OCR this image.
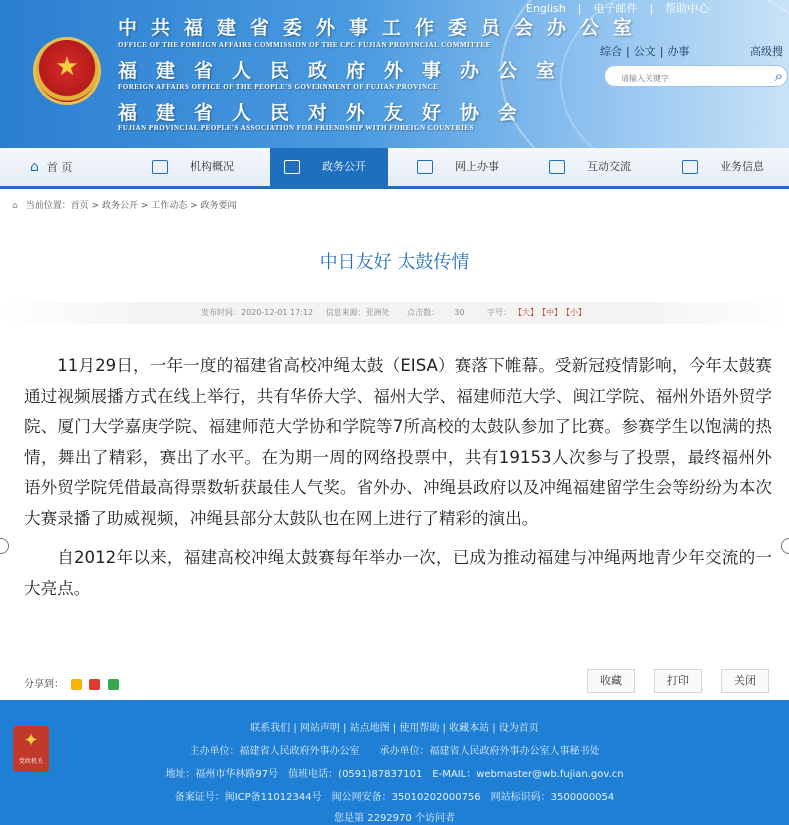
★
中共福建省委外事工作委员会办公室
OFFICE OF THE FOREIGN AFFAIRS COMMISSION OF THE CPC FUJIAN PROVINCIAL COMMITTEE
福建省人民政府外事办公室
FOREIGN AFFAIRS OFFICE OF THE PEOPLE'S GOVERNMENT OF FUJIAN PROVINCE
福建省人民对外友好协会
FUJIAN PROVINCIAL PEOPLE'S ASSOCIATION FOR FRIENDSHIP WITH FOREIGN COUNTRIES
English | 电子邮件 | 帮助中心
综合 | 公文 | 办事	高级搜
请输入关键字
⌕
⌂ 首 页	机构概况	政务公开	网上办事	互动交流	业务信息
⌂ 当前位置：首页 > 政务公开 > 工作动态 > 政务要闻
中日友好 太鼓传情
发布时间：2020-12-01 17:12 信息来源：亚洲处 点击数： 30	字号： 【大】 【中】 【小】

11月29日，一年一度的福建省高校冲绳太鼓（EISA）赛落下帷幕。受新冠疫情影响，今年太鼓赛通过视频展播方式在线上举行，共有华侨大学、福州大学、福建师范大学、闽江学院、福州外语外贸学院、厦门大学嘉庚学院、福建师范大学协和学院等7所高校的太鼓队参加了比赛。参赛学生以饱满的热情，舞出了精彩，赛出了水平。在为期一周的网络投票中，共有19153人次参与了投票，最终福州外语外贸学院凭借最高得票数斩获最佳人气奖。省外办、冲绳县政府以及冲绳福建留学生会等纷纷为本次大赛录播了助威视频，冲绳县部分太鼓队也在网上进行了精彩的演出。

自2012年以来，福建高校冲绳太鼓赛每年举办一次，已成为推动福建与冲绳两地青少年交流的一大亮点。

分享到：	收藏	打印	关闭
联系我们 | 网站声明 | 站点地图 | 使用帮助 | 收藏本站 | 设为首页
主办单位：福建省人民政府外事办公室　　承办单位：福建省人民政府外事办公室人事秘书处
地址：福州市华林路97号　值班电话：(0591)87837101　E-MAIL：webmaster@wb.fujian.gov.cn
备案证号：闽ICP备11012344号　闽公网安备：35010202000756　网站标识码：3500000054
您是第 2292970 个访问者
✦
党政机关
